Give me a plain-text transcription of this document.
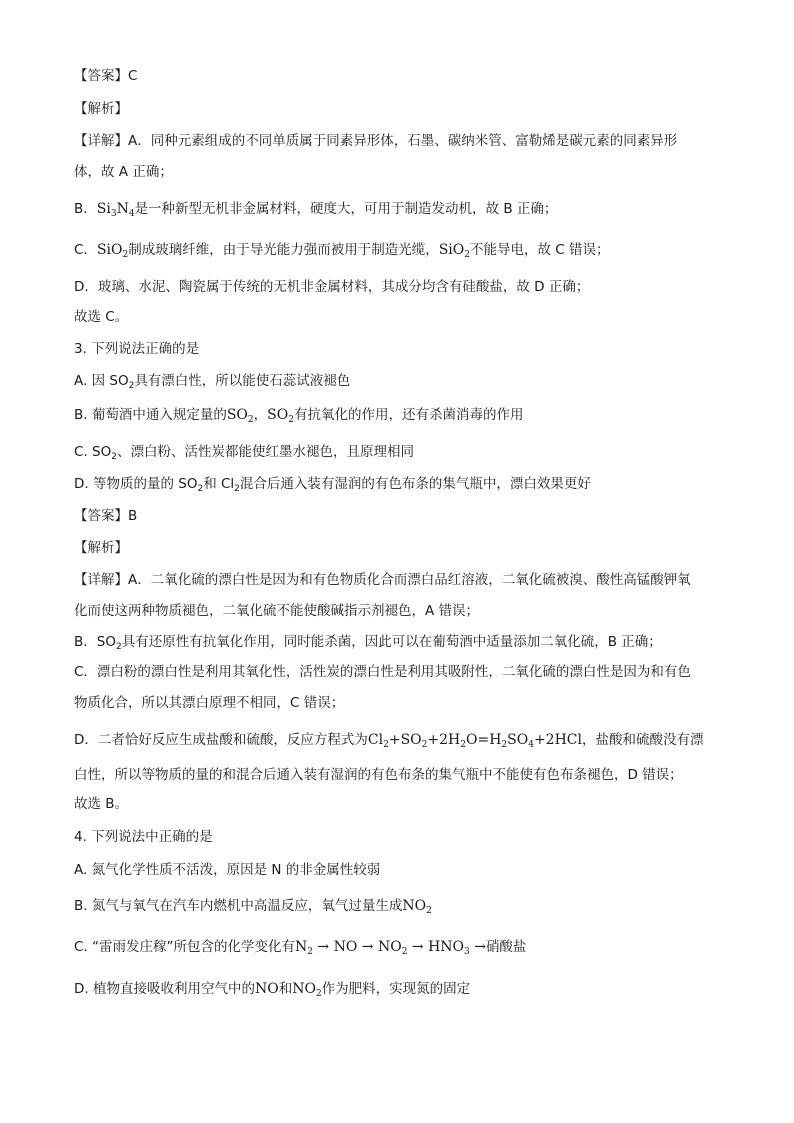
【答案】C
【解析】
【详解】A．同种元素组成的不同单质属于同素异形体，石墨、碳纳米管、富勒烯是碳元素的同素异形
体，故 A 正确；
B．$Si_3N_4$是一种新型无机非金属材料，硬度大，可用于制造发动机，故 B 正确；
C．SiO$_2$制成玻璃纤维，由于导光能力强而被用于制造光缆，SiO$_2$不能导电，故 C 错误；
D．玻璃、水泥、陶瓷属于传统的无机非金属材料，其成分均含有硅酸盐，故 D 正确；
故选 C。
3. 下列说法正确的是
A. 因 $SO_2$具有漂白性，所以能使石蕊试液褪色
B. 葡萄酒中通入规定量的$SO_2$，$SO_2$有抗氧化的作用，还有杀菌消毒的作用
C. $SO_2$、漂白粉、活性炭都能使红墨水褪色，且原理相同
D. 等物质的量的 $SO_2$和 $Cl_2$混合后通入装有湿润的有色布条的集气瓶中，漂白效果更好
【答案】B
【解析】
【详解】A．二氧化硫的漂白性是因为和有色物质化合而漂白品红溶液，二氧化硫被溴、酸性高锰酸钾氧
化而使这两种物质褪色，二氧化硫不能使酸碱指示剂褪色，A 错误；
B．$SO_2$具有还原性有抗氧化作用，同时能杀菌，因此可以在葡萄酒中适量添加二氧化硫，B 正确；
C．漂白粉的漂白性是利用其氧化性，活性炭的漂白性是利用其吸附性，二氧化硫的漂白性是因为和有色
物质化合，所以其漂白原理不相同，C 错误；
D．二者恰好反应生成盐酸和硫酸，反应方程式为$Cl_2+SO_2+2H_2O=H_2SO_4+2HCl$，盐酸和硫酸没有漂
白性，所以等物质的量的和混合后通入装有湿润的有色布条的集气瓶中不能使有色布条褪色，D 错误；
故选 B。
4. 下列说法中正确的是
A. 氮气化学性质不活泼，原因是 N 的非金属性较弱
B. 氮气与氧气在汽车内燃机中高温反应，氧气过量生成$NO_2$
C. “雷雨发庄稼”所包含的化学变化有$N_2$ → NO → $NO_2 \to HNO_3$ →硝酸盐
D. 植物直接吸收利用空气中的NO和$NO_2$作为肥料，实现氮的固定
